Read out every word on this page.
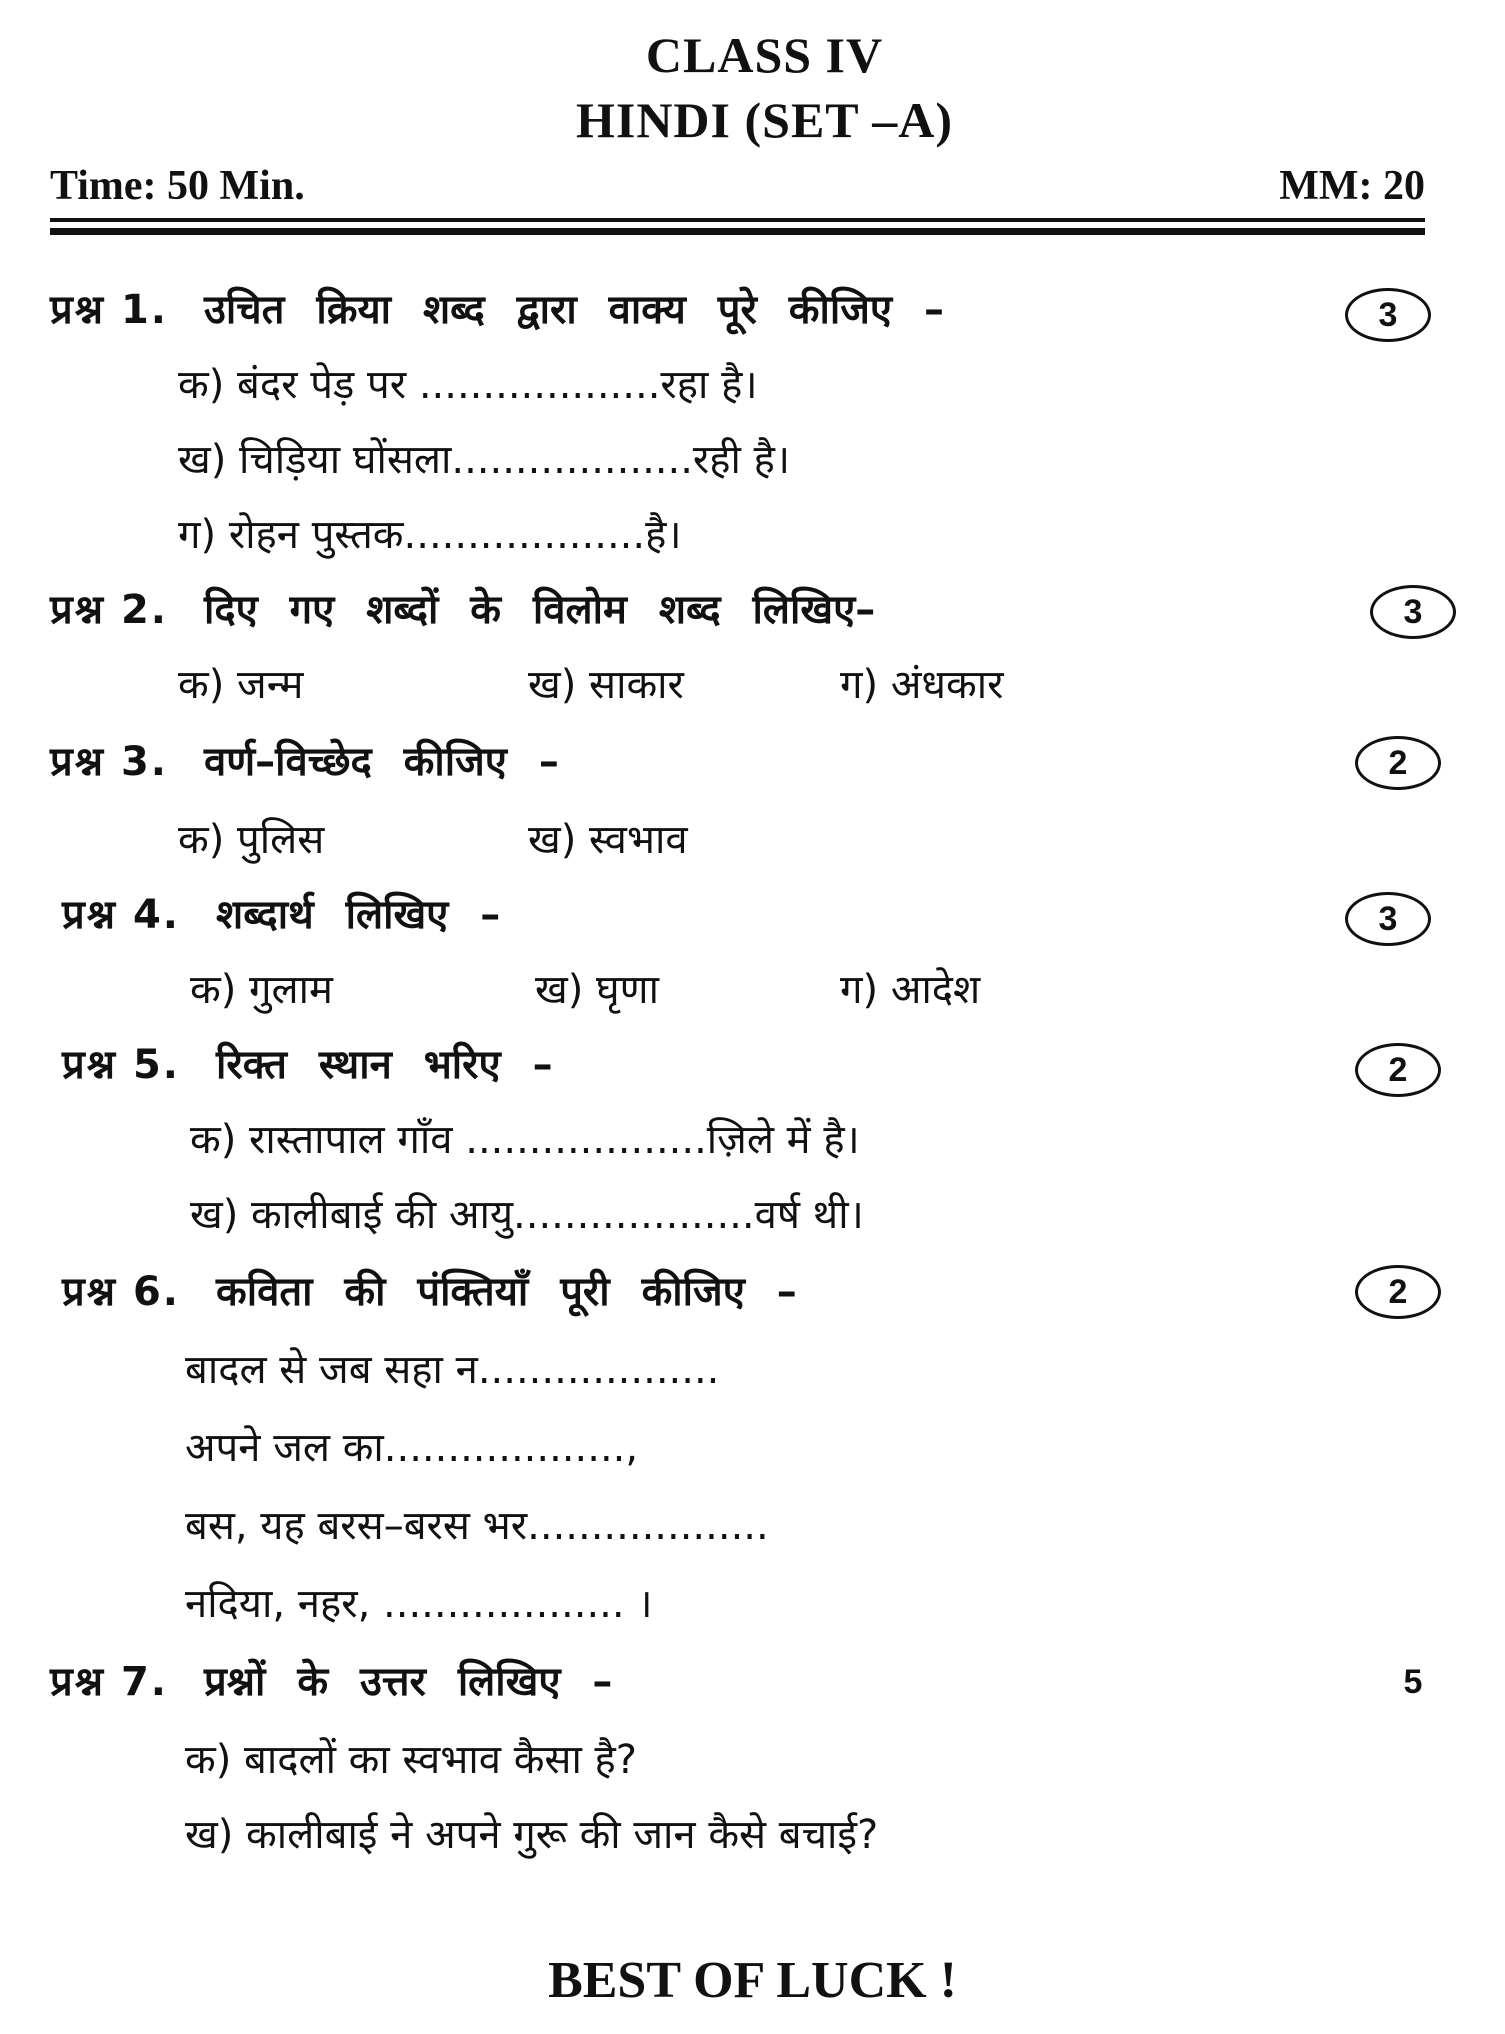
CLASS IV
HINDI (SET –A)
Time: 50 Min.	MM: 20
प्रश्न 1. उचित क्रिया शब्द द्वारा वाक्य पूरे कीजिए –	3
क) बंदर पेड़ पर ...................रहा है।
ख) चिड़िया घोंसला...................रही है।
ग) रोहन पुस्तक...................है।
प्रश्न 2. दिए गए शब्दों के विलोम शब्द लिखिए–	3
क) जन्म	ख) साकार	ग) अंधकार
प्रश्न 3. वर्ण–विच्छेद कीजिए –	2
क) पुलिस	ख) स्वभाव
प्रश्न 4. शब्दार्थ लिखिए –	3
क) गुलाम	ख) घृणा	ग) आदेश
प्रश्न 5. रिक्त स्थान भरिए –	2
क) रास्तापाल गाँव ...................ज़िले में है।
ख) कालीबाई की आयु...................वर्ष थी।
प्रश्न 6. कविता की पंक्तियाँ पूरी कीजिए –	2
बादल से जब सहा न...................
अपने जल का...................,
बस, यह बरस–बरस भर...................
नदिया, नहर, ................... ।
प्रश्न 7. प्रश्नों के उत्तर लिखिए –	5
क) बादलों का स्वभाव कैसा है?
ख) कालीबाई ने अपने गुरू की जान कैसे बचाई?
BEST OF LUCK !
